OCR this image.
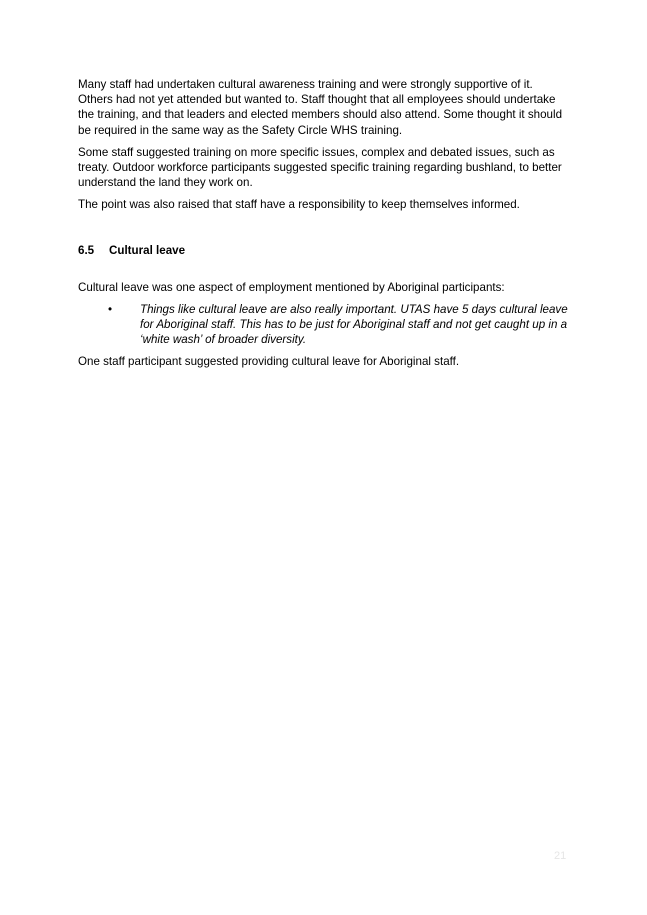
Many staff had undertaken cultural awareness training and were strongly supportive of it. Others had not yet attended but wanted to. Staff thought that all employees should undertake the training, and that leaders and elected members should also attend. Some thought it should be required in the same way as the Safety Circle WHS training.

Some staff suggested training on more specific issues, complex and debated issues, such as treaty. Outdoor workforce participants suggested specific training regarding bushland, to better understand the land they work on.

The point was also raised that staff have a responsibility to keep themselves informed.

6.5 Cultural leave

Cultural leave was one aspect of employment mentioned by Aboriginal participants:

• Things like cultural leave are also really important. UTAS have 5 days cultural leave for Aboriginal staff. This has to be just for Aboriginal staff and not get caught up in a ‘white wash’ of broader diversity.

One staff participant suggested providing cultural leave for Aboriginal staff.

21
